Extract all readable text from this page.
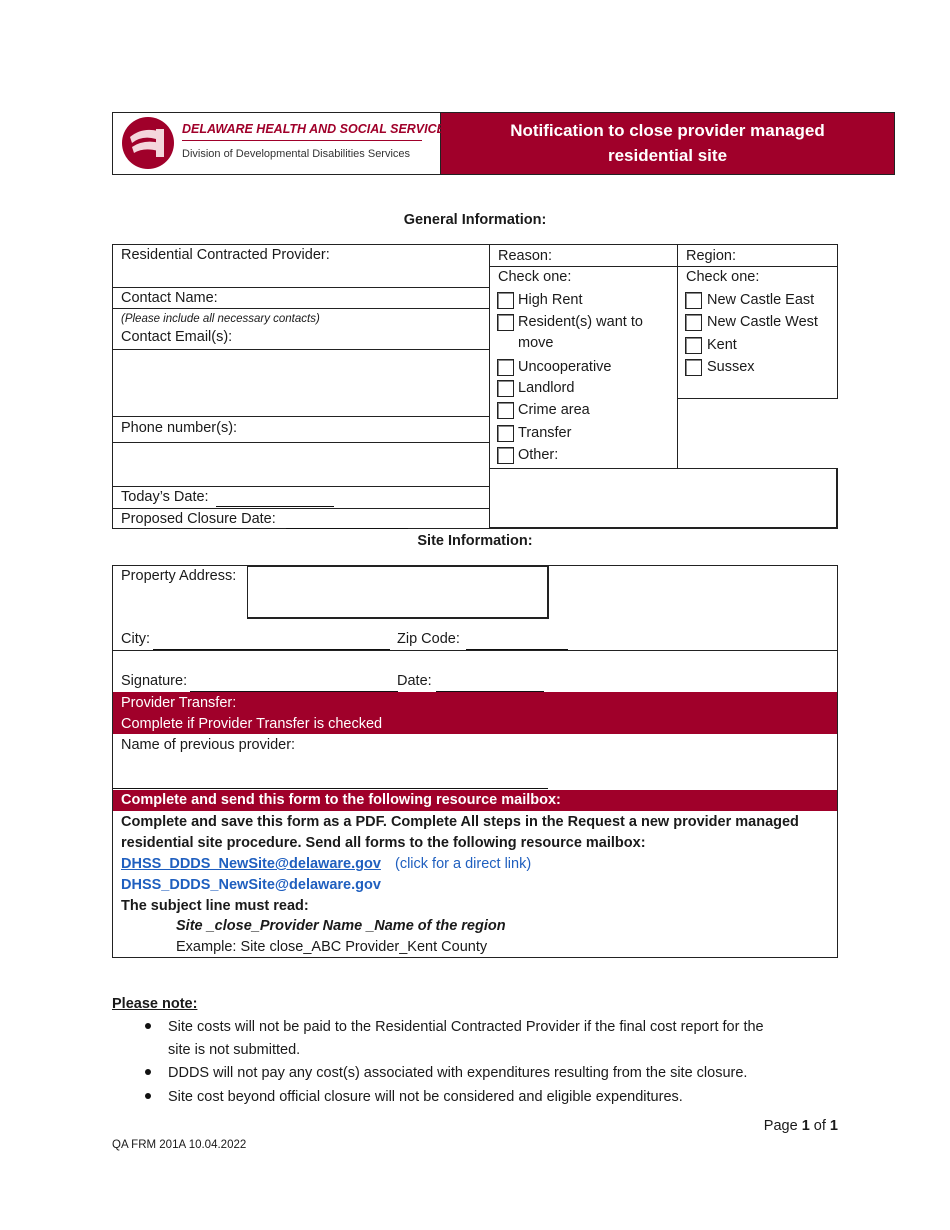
DELAWARE HEALTH AND SOCIAL SERVICES
Division of Developmental Disabilities Services
Notification to close provider managed
residential site
General Information:
Residential Contracted Provider:
Contact Name:
(Please include all necessary contacts)
Contact Email(s):
Phone number(s):
Today’s Date:
Proposed Closure Date:
Reason:
Check one:
High Rent
Resident(s) want to
move
Uncooperative
Landlord
Crime area
Transfer
Other:
Region:
Check one:
New Castle East
New Castle West
Kent
Sussex
Site Information:
Property Address:
City:	Zip Code:
Signature:	Date:
Provider Transfer:
Complete if Provider Transfer is checked
Name of previous provider:
Complete and send this form to the following resource mailbox:
Complete and save this form as a PDF. Complete All steps in the Request a new provider managed
residential site procedure. Send all forms to the following resource mailbox:
DHSS_DDDS_NewSite@delaware.gov (click for a direct link)
DHSS_DDDS_NewSite@delaware.gov
The subject line must read:
Site _close_Provider Name _Name of the region
Example: Site close_ABC Provider_Kent County
Please note:
Site costs will not be paid to the Residential Contracted Provider if the final cost report for the
site is not submitted.
DDDS will not pay any cost(s) associated with expenditures resulting from the site closure.
Site cost beyond official closure will not be considered and eligible expenditures.
Page 1 of 1
QA FRM 201A 10.04.2022
